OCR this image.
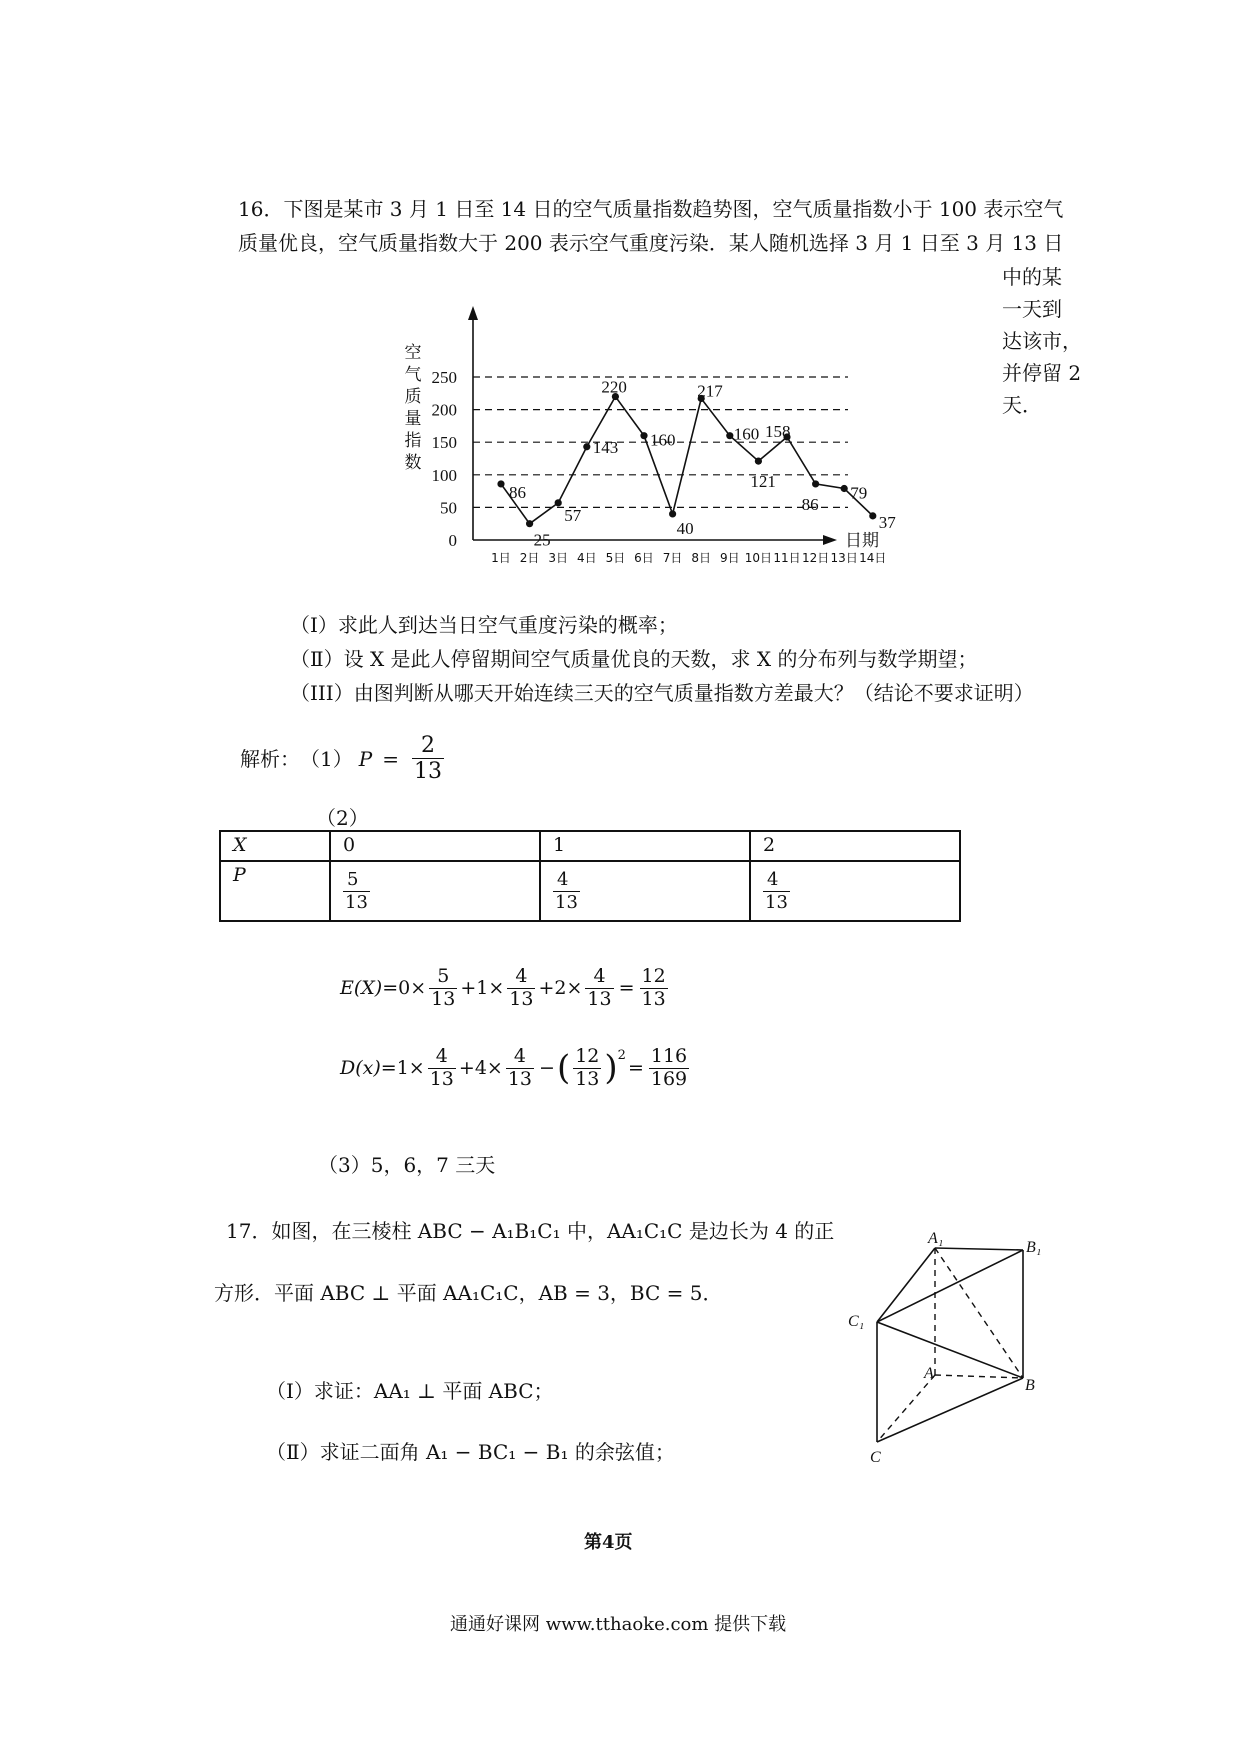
16．下图是某市 3 月 1 日至 14 日的空气质量指数趋势图，空气质量指数小于 100 表示空气
质量优良，空气质量指数大于 200 表示空气重度污染．某人随机选择 3 月 1 日至 3 月 13 日
中的某
一天到
达该市，
并停留 2
天．
0
50
100
150
200
250
空
气
质
量
指
数
日期
1日 2日 3日 4日 5日 6日 7日 8日 9日 10日 11日 12日 13日 14日
86
25
57
143
220
160
40
217
160
121
158
86
79
37
（Ⅰ）求此人到达当日空气重度污染的概率；
（Ⅱ）设 X 是此人停留期间空气质量优良的天数，求 X 的分布列与数学期望；
（III）由图判断从哪天开始连续三天的空气质量指数方差最大？（结论不要求证明）
解析： （1） $P = \frac{2}{13}$
（2）
X	0	1	2
P	$\frac{5}{13}$	$\frac{4}{13}$	$\frac{4}{13}$
$E(X)= 0\times \frac{5}{13} +1\times \frac{4}{13} +2\times \frac{4}{13} = \frac{12}{13}$
$D(x)= 1\times \frac{4}{13} +4\times \frac{4}{13}$ − ( $\frac{12}{13} )^2$
= $\frac{116}{169}$
（3）5，6，7 三天
17．如图，在三棱柱 ABC − A₁B₁C₁ 中，AA₁C₁C 是边长为 4 的正
方形．平面 ABC ⊥ 平面 AA₁C₁C，AB = 3，BC = 5．
（Ⅰ）求证：AA₁ ⊥ 平面 ABC；
（Ⅱ）求证二面角 A₁ − BC₁ − B₁ 的余弦值；
A₁
B₁
C₁
A
B
C
第4页
通通好课网 www.tthaoke.com 提供下载
